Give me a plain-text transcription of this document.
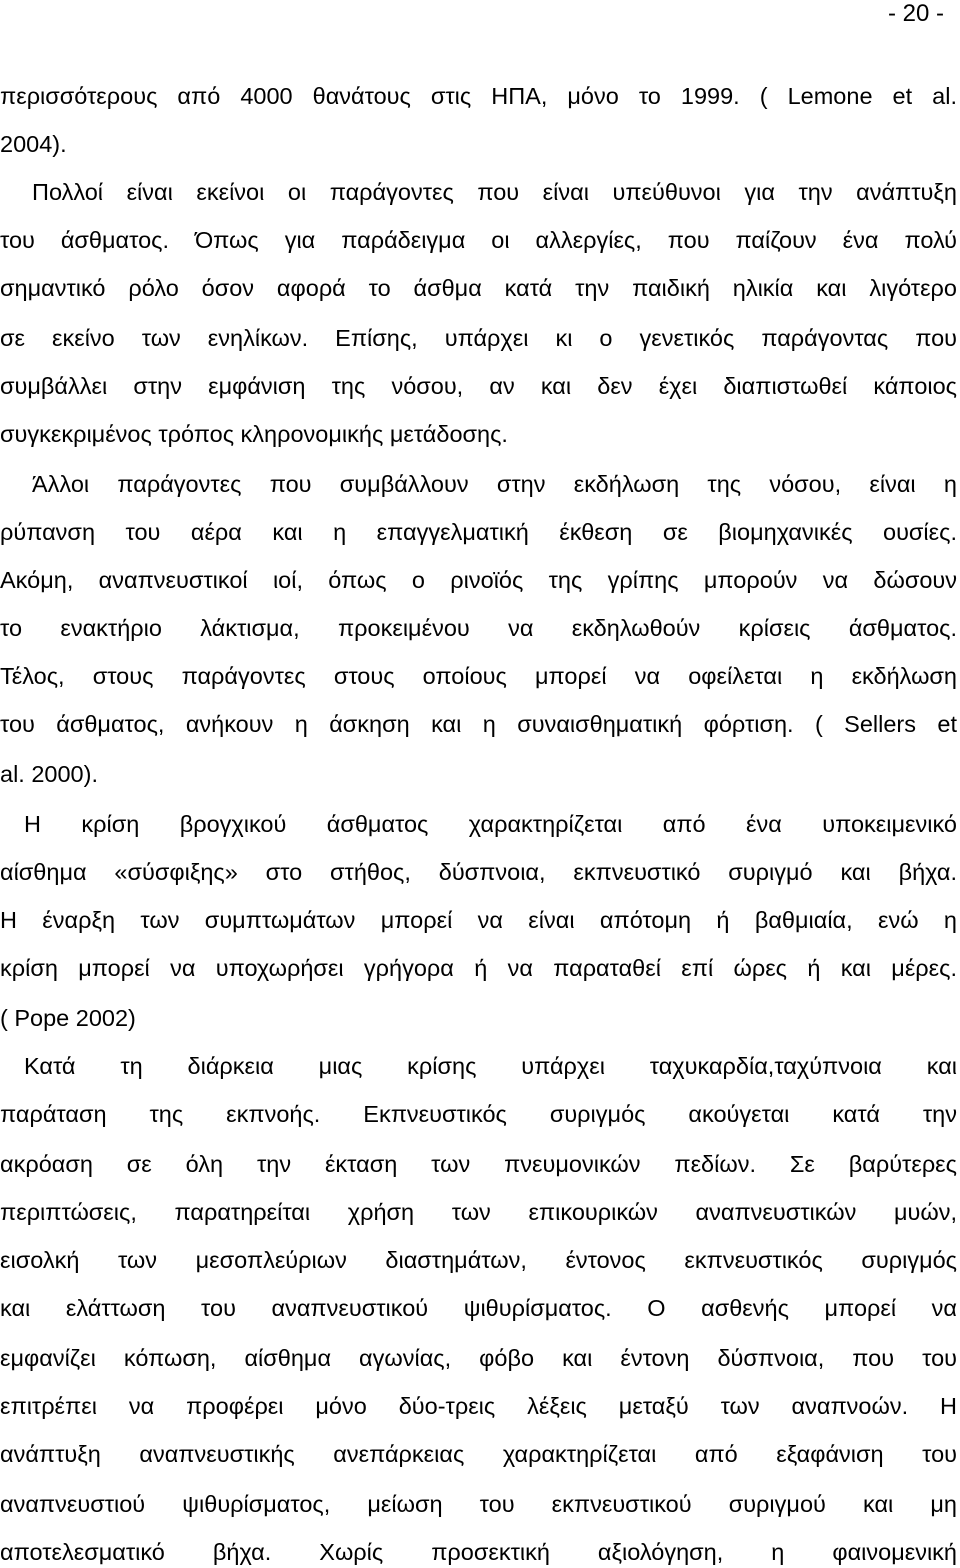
- 20 -
περισσότερους από 4000 θανάτους στις ΗΠΑ, μόνο το 1999. ( Lemone et al.
2004).
Πολλοί είναι εκείνοι οι παράγοντες που είναι υπεύθυνοι για την ανάπτυξη
του άσθματος. Όπως για παράδειγμα οι αλλεργίες, που παίζουν ένα πολύ
σημαντικό ρόλο όσον αφορά το άσθμα κατά την παιδική ηλικία και λιγότερο
σε εκείνο των ενηλίκων. Επίσης, υπάρχει κι ο γενετικός παράγοντας που
συμβάλλει στην εμφάνιση της νόσου, αν και δεν έχει διαπιστωθεί κάποιος
συγκεκριμένος τρόπος κληρονομικής μετάδοσης.
Άλλοι παράγοντες που συμβάλλουν στην εκδήλωση της νόσου, είναι η
ρύπανση του αέρα και η επαγγελματική έκθεση σε βιομηχανικές ουσίες.
Ακόμη, αναπνευστικοί ιοί, όπως ο ρινοϊός της γρίπης μπορούν να δώσουν
το ενακτήριο λάκτισμα, προκειμένου να εκδηλωθούν κρίσεις άσθματος.
Τέλος, στους παράγοντες στους οποίους μπορεί να οφείλεται η εκδήλωση
του άσθματος, ανήκουν η άσκηση και η συναισθηματική φόρτιση. ( Sellers et
al. 2000).
Η κρίση βρογχικού άσθματος χαρακτηρίζεται από ένα υποκειμενικό
αίσθημα «σύσφιξης» στο στήθος, δύσπνοια, εκπνευστικό συριγμό και βήχα.
Η έναρξη των συμπτωμάτων μπορεί να είναι απότομη ή βαθμιαία, ενώ η
κρίση μπορεί να υποχωρήσει γρήγορα ή να παραταθεί επί ώρες ή και μέρες.
( Pope 2002)
Κατά τη διάρκεια μιας κρίσης υπάρχει ταχυκαρδία,ταχύπνοια και
παράταση της εκπνοής. Εκπνευστικός συριγμός ακούγεται κατά την
ακρόαση σε όλη την έκταση των πνευμονικών πεδίων. Σε βαρύτερες
περιπτώσεις, παρατηρείται χρήση των επικουρικών αναπνευστικών μυών,
εισολκή των μεσοπλεύριων διαστημάτων, έντονος εκπνευστικός συριγμός
και ελάττωση του αναπνευστικού ψιθυρίσματος. Ο ασθενής μπορεί να
εμφανίζει κόπωση, αίσθημα αγωνίας, φόβο και έντονη δύσπνοια, που του
επιτρέπει να προφέρει μόνο δύο-τρεις λέξεις μεταξύ των αναπνοών. Η
ανάπτυξη αναπνευστικής ανεπάρκειας χαρακτηρίζεται από εξαφάνιση του
αναπνευστιού ψιθυρίσματος, μείωση του εκπνευστικού συριγμού και μη
αποτελεσματικό βήχα. Χωρίς προσεκτική αξιολόγηση, η φαινομενική
